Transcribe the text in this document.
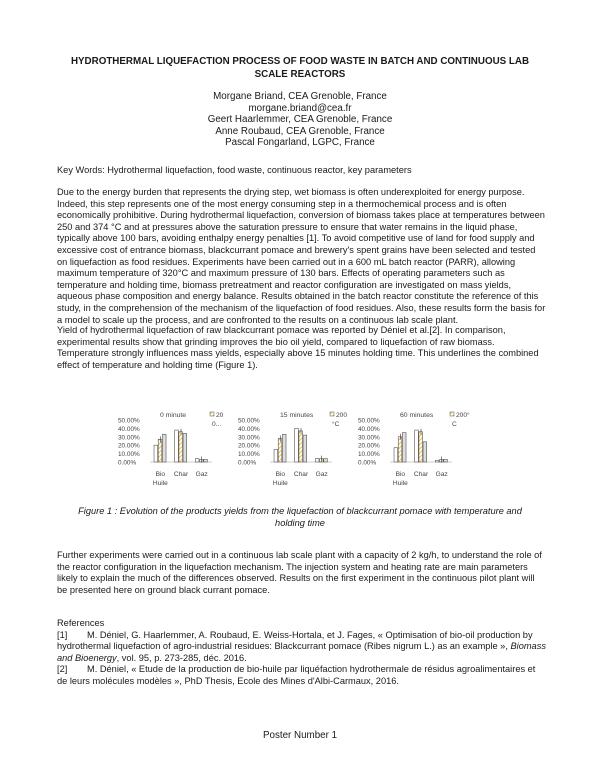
HYDROTHERMAL LIQUEFACTION PROCESS OF FOOD WASTE IN BATCH AND CONTINUOUS LAB SCALE REACTORS
Morgane Briand, CEA Grenoble, France
morgane.briand@cea.fr
Geert Haarlemmer, CEA Grenoble, France
Anne Roubaud, CEA Grenoble, France
Pascal Fongarland, LGPC, France
Key Words: Hydrothermal liquefaction, food waste, continuous reactor, key parameters
Due to the energy burden that represents the drying step, wet biomass is often underexploited for energy purpose. Indeed, this step represents one of the most energy consuming step in a thermochemical process and is often economically prohibitive. During hydrothermal liquefaction, conversion of biomass takes place at temperatures between 250 and 374 °C and at pressures above the saturation pressure to ensure that water remains in the liquid phase, typically above 100 bars, avoiding enthalpy energy penalties [1]. To avoid competitive use of land for food supply and excessive cost of entrance biomass, blackcurrant pomace and brewery's spent grains have been selected and tested on liquefaction as food residues. Experiments have been carried out in a 600 mL batch reactor (PARR), allowing maximum temperature of 320°C and maximum pressure of 130 bars. Effects of operating parameters such as temperature and holding time, biomass pretreatment and reactor configuration are investigated on mass yields, aqueous phase composition and energy balance. Results obtained in the batch reactor constitute the reference of this study, in the comprehension of the mechanism of the liquefaction of food residues. Also, these results form the basis for a model to scale up the process, and are confronted to the results on a continuous lab scale plant.
Yield of hydrothermal liquefaction of raw blackcurrant pomace was reported by Déniel et al.[2]. In comparison, experimental results show that grinding improves the bio oil yield, compared to liquefaction of raw biomass. Temperature strongly influences mass yields, especially above 15 minutes holding time. This underlines the combined effect of temperature and holding time (Figure 1).
50.00%
40.00%
30.00%
20.00%
10.00%
0.00%
Bio
Huile
Char Gaz
0 minute	20
0...	50.00%
40.00%
30.00%
20.00%
10.00%
0.00%
Bio
Huile
Char Gaz
15 minutes	200
°C	50.00%
40.00%
30.00%
20.00%
10.00%
0.00%
Bio
Huile
Char Gaz
60 minutes	200°
C
Figure 1 : Evolution of the products yields from the liquefaction of blackcurrant pomace with temperature and holding time
Further experiments were carried out in a continuous lab scale plant with a capacity of 2 kg/h, to understand the role of the reactor configuration in the liquefaction mechanism. The injection system and heating rate are main parameters likely to explain the much of the differences observed. Results on the first experiment in the continuous pilot plant will be presented here on ground black currant pomace.
References
[1] M. Déniel, G. Haarlemmer, A. Roubaud, E. Weiss-Hortala, et J. Fages, « Optimisation of bio-oil production by hydrothermal liquefaction of agro-industrial residues: Blackcurrant pomace (Ribes nigrum L.) as an example », Biomass and Bioenergy, vol. 95, p. 273-285, déc. 2016.
[2] M. Déniel, « Etude de la production de bio-huile par liquéfaction hydrothermale de résidus agroalimentaires et de leurs molécules modèles », PhD Thesis, Ecole des Mines d'Albi-Carmaux, 2016.
Poster Number 1
